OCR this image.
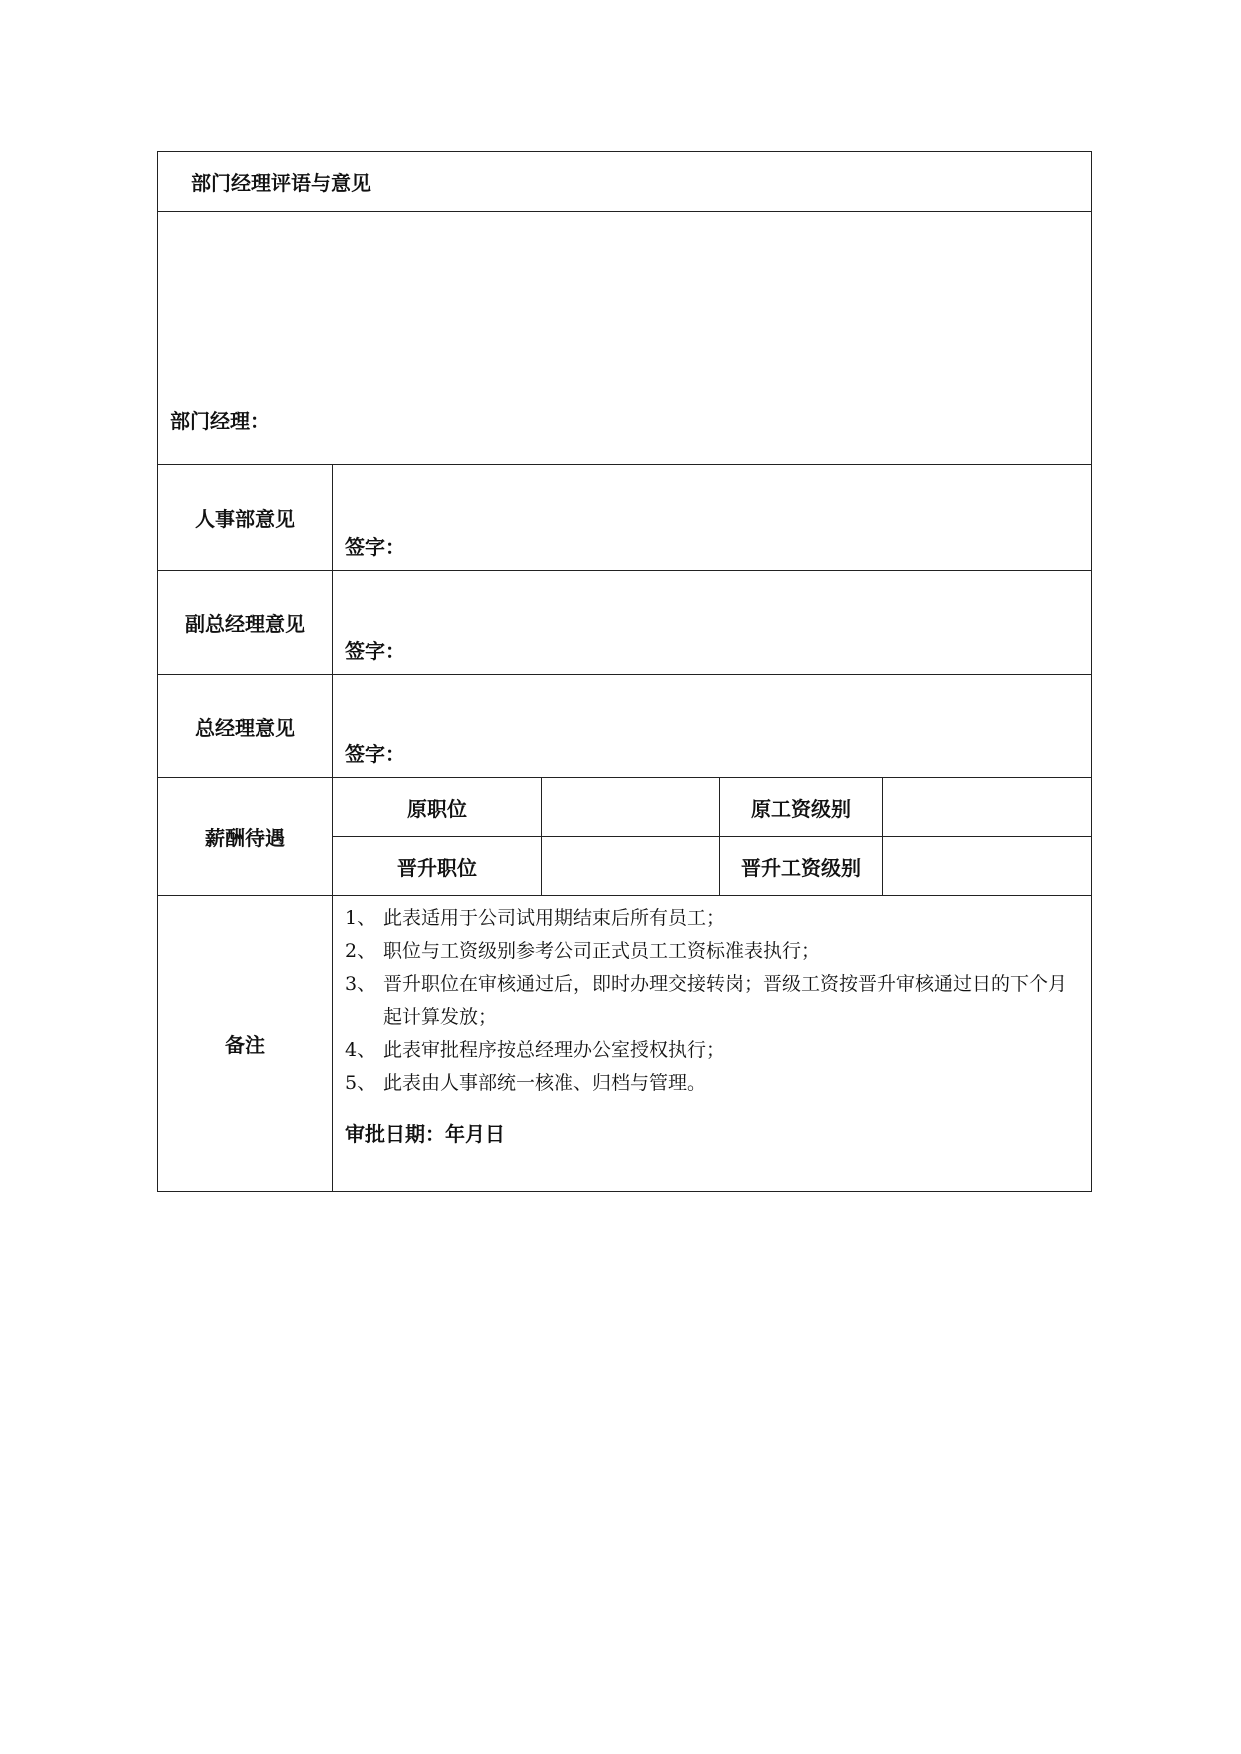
部门经理评语与意见
部门经理：
人事部意见
签字：
副总经理意见
签字：
总经理意见
签字：
薪酬待遇
原职位	原工资级别
晋升职位	晋升工资级别
备注
1、 此表适用于公司试用期结束后所有员工；
2、 职位与工资级别参考公司正式员工工资标准表执行；
3、 晋升职位在审核通过后，即时办理交接转岗；晋级工资按晋升审核通过日的下个月起计算发放；
4、 此表审批程序按总经理办公室授权执行；
5、 此表由人事部统一核准、归档与管理。
审批日期：年月日
